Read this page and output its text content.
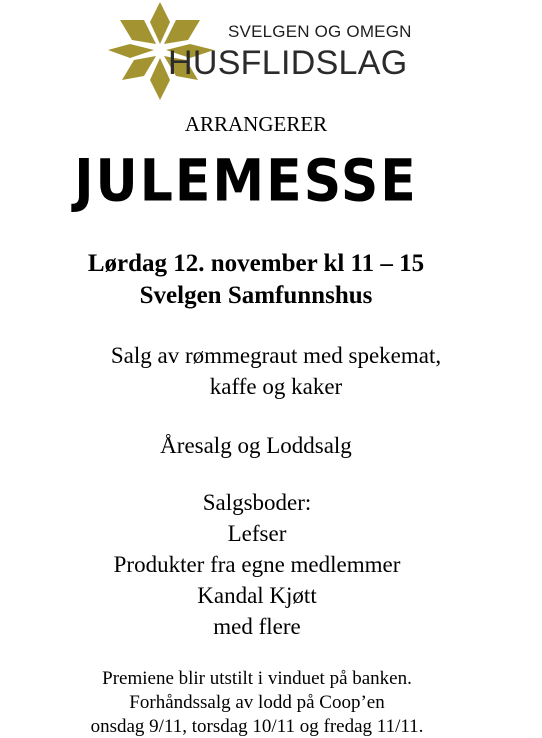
SVELGEN OG OMEGN
HUSFLIDSLAG
ARRANGERER
JULEMESSE
Lørdag 12. november kl 11 – 15
Svelgen Samfunnshus
Salg av rømmegraut med spekemat,
kaffe og kaker
Åresalg og Loddsalg
Salgsboder:
Lefser
Produkter fra egne medlemmer
Kandal Kjøtt
med flere
Premiene blir utstilt i vinduet på banken.
Forhåndssalg av lodd på Coop’en
onsdag 9/11, torsdag 10/11 og fredag 11/11.
